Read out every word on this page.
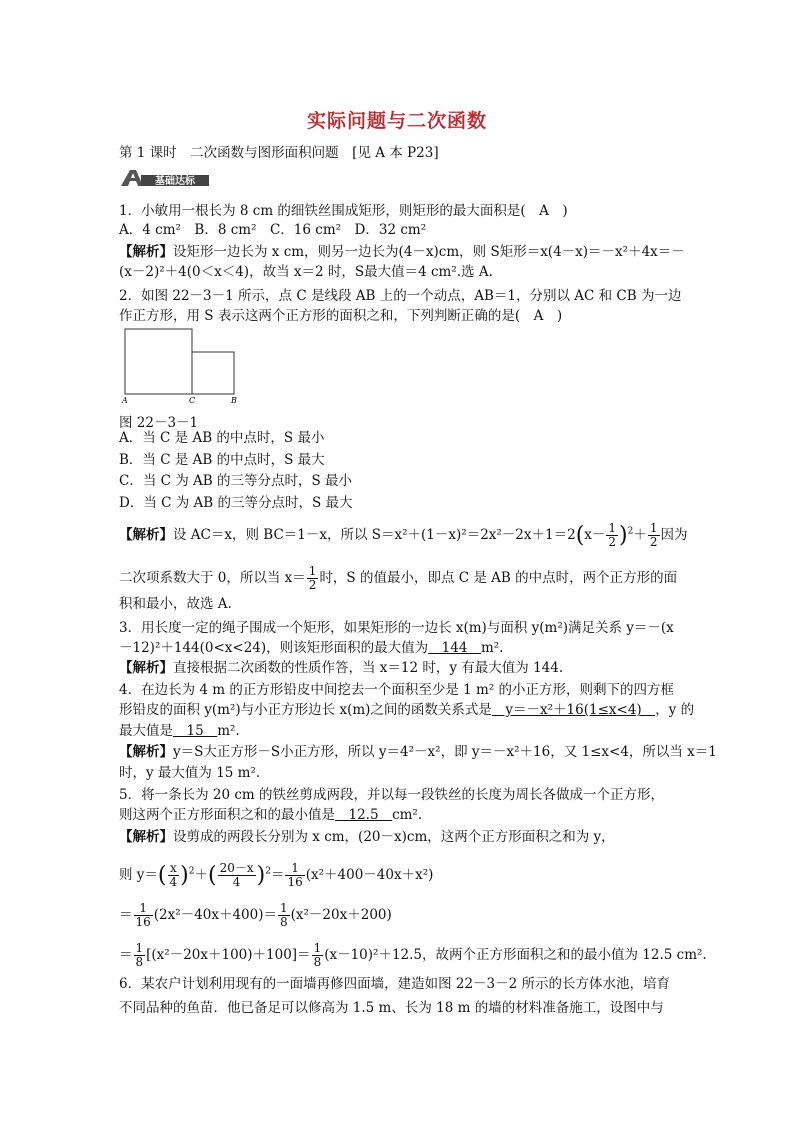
实际问题与二次函数
第 1 课时　二次函数与图形面积问题　[见 A 本 P23]
基础达标
1．小敏用一根长为 8 cm 的细铁丝围成矩形，则矩形的最大面积是(　A　)
A．4 cm²　B．8 cm²　C．16 cm²　D．32 cm²
【解析】设矩形一边长为 x cm，则另一边长为(4－x)cm，则 S矩形＝x(4－x)＝－x²＋4x＝－
(x－2)²＋4(0＜x＜4)，故当 x＝2 时，S最大值＝4 cm².选 A.
2．如图 22－3－1 所示，点 C 是线段 AB 上的一个动点，AB＝1，分别以 AC 和 CB 为一边
作正方形，用 S 表示这两个正方形的面积之和，下列判断正确的是(　A　)
A	C	B
图 22－3－1
A．当 C 是 AB 的中点时，S 最小
B．当 C 是 AB 的中点时，S 最大
C．当 C 为 AB 的三等分点时，S 最小
D．当 C 为 AB 的三等分点时，S 最大
【解析】设 AC＝x，则 BC＝1－x，所以 $S=x^2+(1-x)^2=2x^2-2x+1=2(x- \frac{1}{2} )^2+ \frac{1}{2}$ 因为
二次项系数大于 0，所以当 $x= \frac{1}{2}$ 时，S 的值最小，即点 C 是 AB 的中点时，两个正方形的面
积和最小，故选 A.
3．用长度一定的绳子围成一个矩形，如果矩形的一边长 x(m)与面积 y(m²)满足关系 y＝－(x
－12)²＋144(0<x<24)，则该矩形面积的最大值为　144　m².
【解析】直接根据二次函数的性质作答，当 x＝12 时，y 有最大值为 144.
4．在边长为 4 m 的正方形铅皮中间挖去一个面积至少是 1 m² 的小正方形，则剩下的四方框
形铅皮的面积 y(m²)与小正方形边长 x(m)之间的函数关系式是　y＝－x²＋16(1≤x<4)　，y 的
最大值是　15　m².
【解析】y＝S大正方形－S小正方形，所以 y＝4²－x²，即 y＝－x²＋16，又 1≤x<4，所以当 x＝1
时，y 最大值为 15 m².
5．将一条长为 20 cm 的铁丝剪成两段，并以每一段铁丝的长度为周长各做成一个正方形，
则这两个正方形面积之和的最小值是　12.5　cm².
【解析】设剪成的两段长分别为 x cm，(20－x)cm，这两个正方形面积之和为 y，
则 $y=( \frac{x}{4} )^2+( \frac{20-x}{4} )^2= \frac{1}{16} (x^2+400-40x+x^2)$
＝ $\frac{1}{16} (2x^2-40x+400)= \frac{1}{8} (x^2-20x+200)$
＝ $\frac{1}{8} [(x^2-20x+100)+100]= \frac{1}{8} (x-10)^2+12.5$，故两个正方形面积之和的最小值为 12.5 cm².
6．某农户计划利用现有的一面墙再修四面墙，建造如图 22－3－2 所示的长方体水池，培育
不同品种的鱼苗．他已备足可以修高为 1.5 m、长为 18 m 的墙的材料准备施工，设图中与
